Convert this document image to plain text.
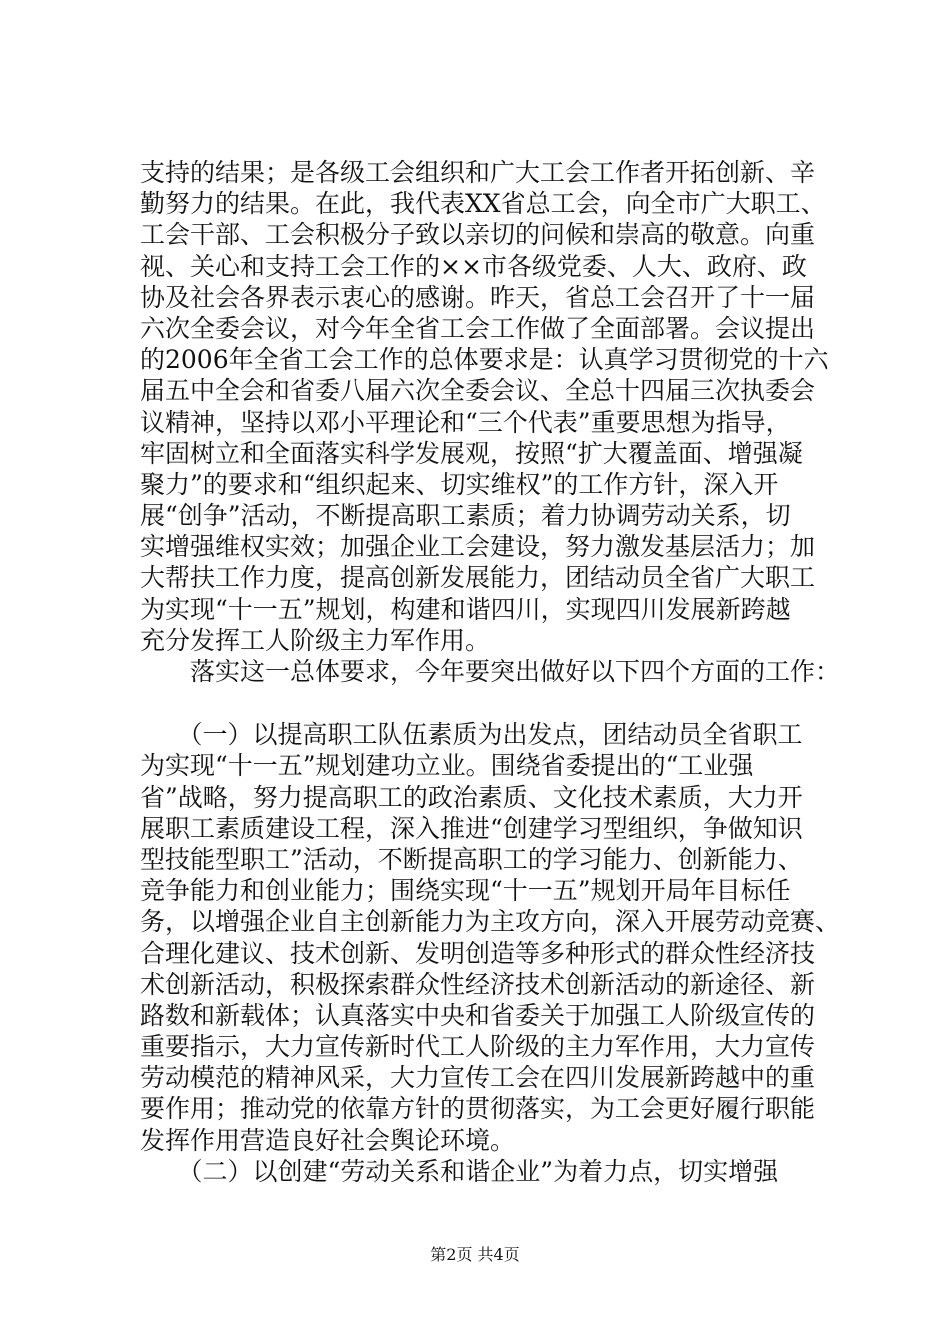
支持的结果；是各级工会组织和广大工会工作者开拓创新、辛
勤努力的结果。在此，我代表XX省总工会，向全市广大职工、
工会干部、工会积极分子致以亲切的问候和崇高的敬意。向重
视、关心和支持工会工作的××市各级党委、人大、政府、政
协及社会各界表示衷心的感谢。昨天，省总工会召开了十一届
六次全委会议，对今年全省工会工作做了全面部署。会议提出
的2006年全省工会工作的总体要求是：认真学习贯彻党的十六
届五中全会和省委八届六次全委会议、全总十四届三次执委会
议精神，坚持以邓小平理论和“三个代表”重要思想为指导，
牢固树立和全面落实科学发展观，按照“扩大覆盖面、增强凝
聚力”的要求和“组织起来、切实维权”的工作方针，深入开
展“创争”活动，不断提高职工素质；着力协调劳动关系，切
实增强维权实效；加强企业工会建设，努力激发基层活力；加
大帮扶工作力度，提高创新发展能力，团结动员全省广大职工
为实现“十一五”规划，构建和谐四川，实现四川发展新跨越
充分发挥工人阶级主力军作用。
　　落实这一总体要求，今年要突出做好以下四个方面的工作：
　　（一）以提高职工队伍素质为出发点，团结动员全省职工
为实现“十一五”规划建功立业。围绕省委提出的“工业强
省”战略，努力提高职工的政治素质、文化技术素质，大力开
展职工素质建设工程，深入推进“创建学习型组织，争做知识
型技能型职工”活动，不断提高职工的学习能力、创新能力、
竞争能力和创业能力；围绕实现“十一五”规划开局年目标任
务，以增强企业自主创新能力为主攻方向，深入开展劳动竞赛、
合理化建议、技术创新、发明创造等多种形式的群众性经济技
术创新活动，积极探索群众性经济技术创新活动的新途径、新
路数和新载体；认真落实中央和省委关于加强工人阶级宣传的
重要指示，大力宣传新时代工人阶级的主力军作用，大力宣传
劳动模范的精神风采，大力宣传工会在四川发展新跨越中的重
要作用；推动党的依靠方针的贯彻落实，为工会更好履行职能
发挥作用营造良好社会舆论环境。
　　（二）以创建“劳动关系和谐企业”为着力点，切实增强
第2页 共4页
